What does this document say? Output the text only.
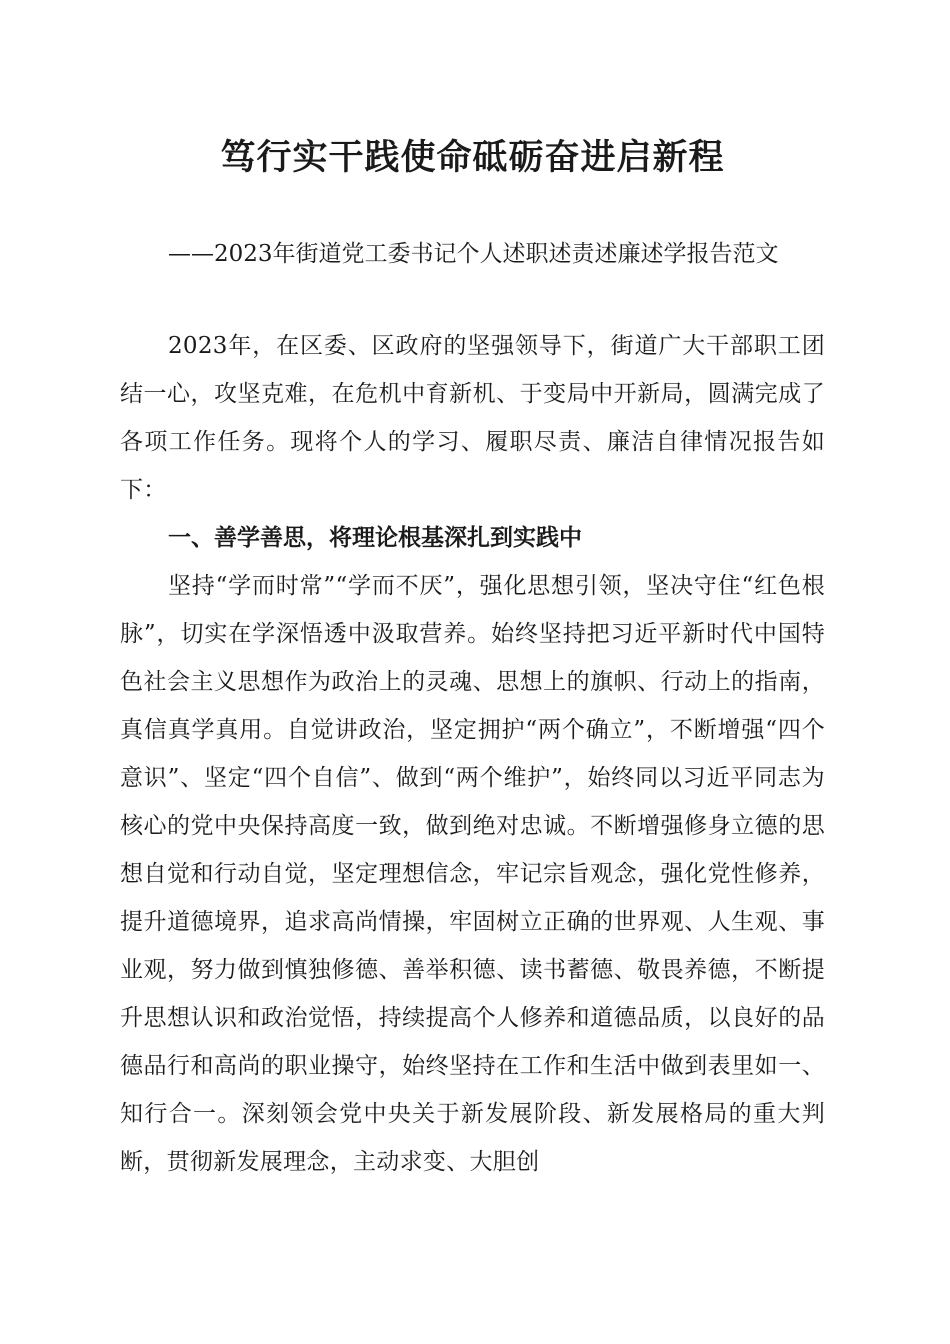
笃行实干践使命砥砺奋进启新程

——2023年街道党工委书记个人述职述责述廉述学报告范文

2023年，在区委、区政府的坚强领导下，街道广大干部职工团结一心，攻坚克难，在危机中育新机、于变局中开新局，圆满完成了各项工作任务。现将个人的学习、履职尽责、廉洁自律情况报告如下：

一、善学善思，将理论根基深扎到实践中

坚持“学而时常”“学而不厌”，强化思想引领，坚决守住“红色根脉”，切实在学深悟透中汲取营养。始终坚持把习近平新时代中国特色社会主义思想作为政治上的灵魂、思想上的旗帜、行动上的指南，真信真学真用。自觉讲政治，坚定拥护“两个确立”，不断增强“四个意识”、坚定“四个自信”、做到“两个维护”，始终同以习近平同志为核心的党中央保持高度一致，做到绝对忠诚。不断增强修身立德的思想自觉和行动自觉，坚定理想信念，牢记宗旨观念，强化党性修养，提升道德境界，追求高尚情操，牢固树立正确的世界观、人生观、事业观，努力做到慎独修德、善举积德、读书蓄德、敬畏养德，不断提升思想认识和政治觉悟，持续提高个人修养和道德品质，以良好的品德品行和高尚的职业操守，始终坚持在工作和生活中做到表里如一、知行合一。深刻领会党中央关于新发展阶段、新发展格局的重大判断，贯彻新发展理念，主动求变、大胆创
